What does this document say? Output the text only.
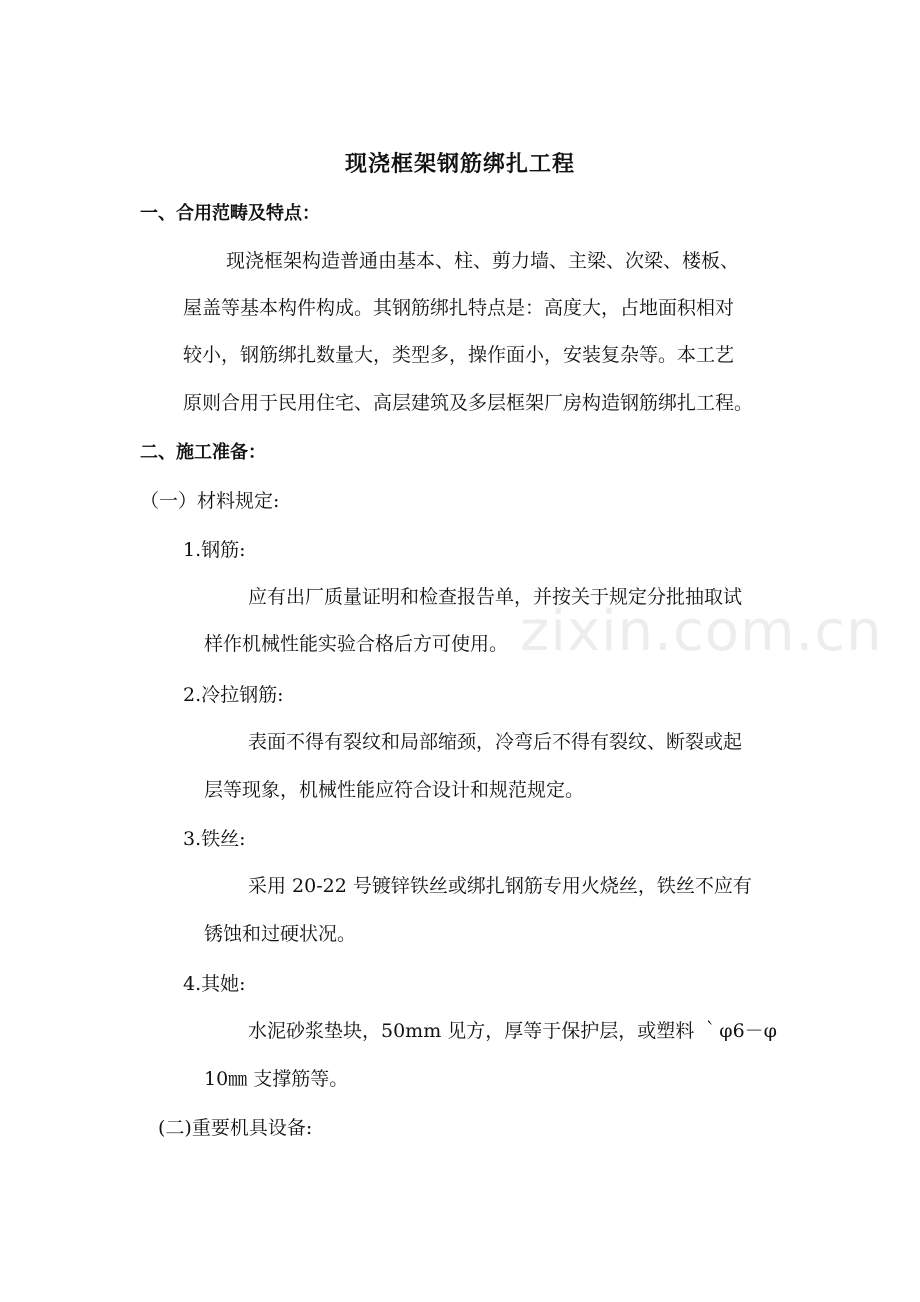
zixin.com.cn
现浇框架钢筋绑扎工程
一、合用范畴及特点：
现浇框架构造普通由基本、柱、剪力墙、主梁、次梁、楼板、
屋盖等基本构件构成。其钢筋绑扎特点是：高度大，占地面积相对
较小，钢筋绑扎数量大，类型多，操作面小，安装复杂等。本工艺
原则合用于民用住宅、高层建筑及多层框架厂房构造钢筋绑扎工程。
二、施工准备：
（一）材料规定:
1.钢筋:
应有出厂质量证明和检查报告单，并按关于规定分批抽取试
样作机械性能实验合格后方可使用。
2.冷拉钢筋:
表面不得有裂纹和局部缩颈，冷弯后不得有裂纹、断裂或起
层等现象，机械性能应符合设计和规范规定。
3.铁丝:
采用 20-22 号镀锌铁丝或绑扎钢筋专用火烧丝，铁丝不应有
锈蚀和过硬状况。
4.其她:
水泥砂浆垫块，50mm 见方，厚等于保护层，或塑料 ｀φ6－φ
10㎜ 支撑筋等。
(二)重要机具设备:
